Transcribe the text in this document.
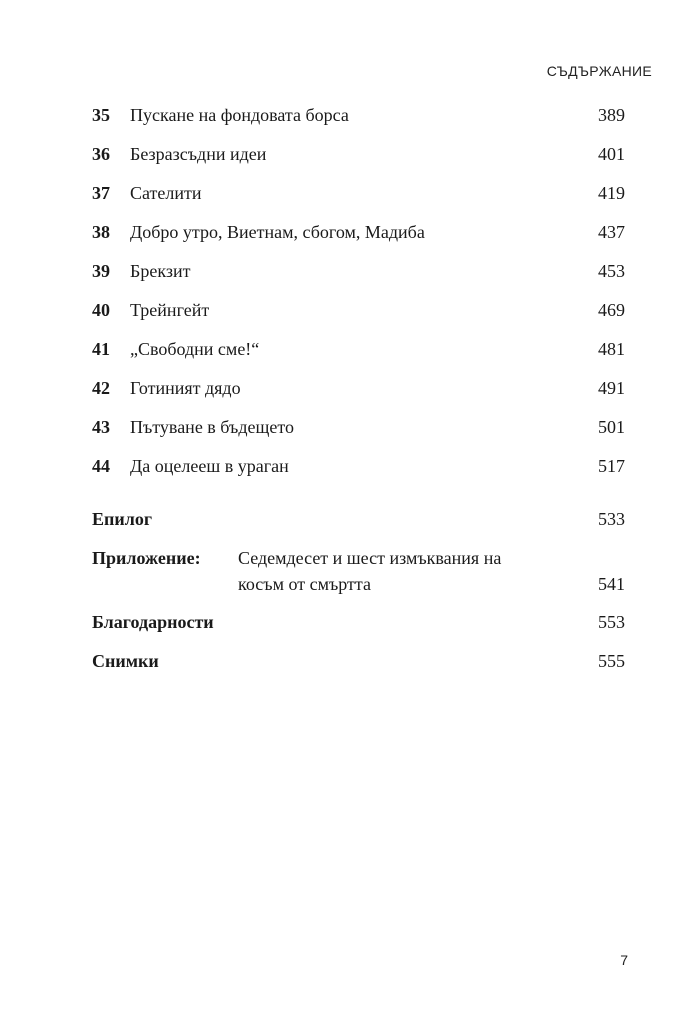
СЪДЪРЖАНИЕ
35 Пускане на фондовата борса	389
36 Безразсъдни идеи	401
37 Сателити	419
38 Добро утро, Виетнам, сбогом, Мадиба	437
39 Брекзит	453
40 Трейнгейт	469
41 „Свободни сме!“	481
42 Готиният дядо	491
43 Пътуване в бъдещето	501
44 Да оцелееш в ураган	517
Епилог	533
Приложение: Седемдесет и шест измъквания на
косъм от смъртта	541
Благодарности	553
Снимки	555
7
